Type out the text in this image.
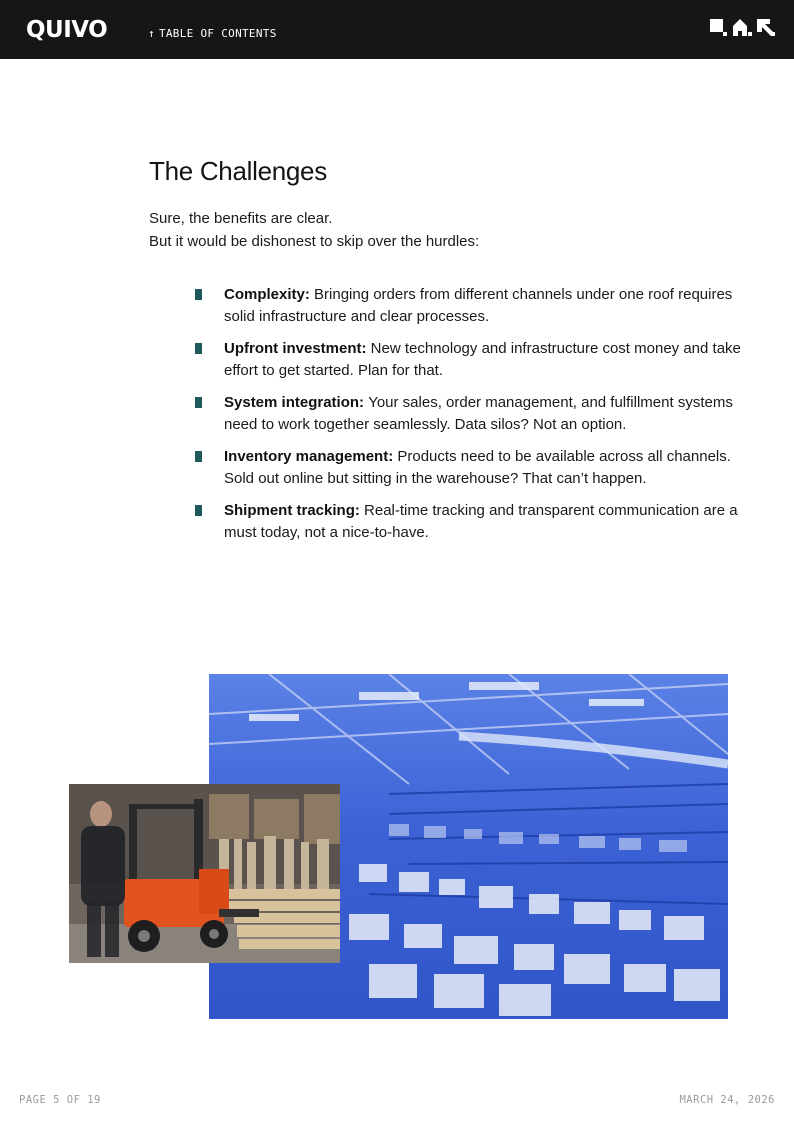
QUIVO	↑ TABLE OF CONTENTS
The Challenges

Sure, the benefits are clear.

But it would be dishonest to skip over the hurdles:

Complexity: Bringing orders from different channels under one roof requires solid infrastructure and clear processes.
Upfront investment: New technology and infrastructure cost money and take effort to get started. Plan for that.
System integration: Your sales, order management, and fulfillment systems need to work together seamlessly. Data silos? Not an option.
Inventory management: Products need to be available across all channels. Sold out online but sitting in the warehouse? That can’t happen.
Shipment tracking: Real-time tracking and transparent communication are a must today, not a nice-to-have.
PAGE 5 OF 19	MARCH 24, 2026
